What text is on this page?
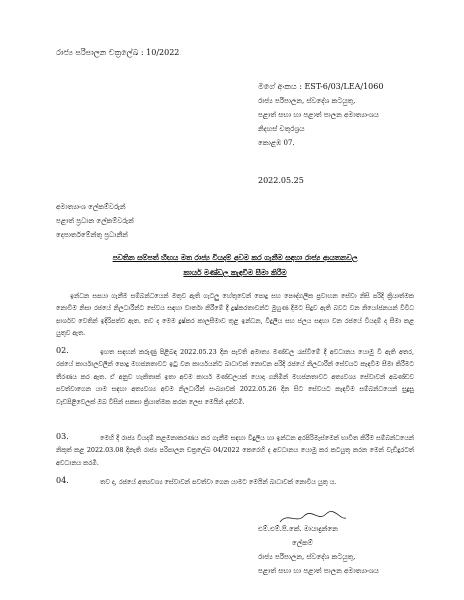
රාජ්‍ය පරිපාලන චක්‍රලේඛ : 10/2022
මගේ අංකය : EST-6/03/LEA/1060
රාජ්‍ය පරිපාලන, ස්වදේශ කටයුතු,
පළාත් සභා හා පළාත් පාලන අමාත්‍යාංශය
නිදහස් චතුරශ්‍රය
කොළඹ 07.
2022.05.25
අමාත්‍යාංශ ලේකම්වරුන්
පළාත් ප්‍රධාන ලේකම්වරුන්
දෙපාර්තමේන්තු ප්‍රධානීන්
පවතින සම්පත් හිඟය මත රාජ්‍ය වියදම් අවම කර ගැනීම සඳහා රාජ්‍ය ආයතනවල
කාර්ය මණ්ඩල කැඳවීම සීමා කිරීම
ඉන්ධන සපයා ගැනීම සම්බන්ධයෙන් මතුව ඇති ගැටලු හේතුවෙන් පොදු සහ පෞද්ගලික ප්‍රවාහන සේවා නිසි පරිදි ක්‍රියාත්මක නොවීම නිසා රජයේ නිලධාරීන්ට සේවය සඳහා වාර්තා කිරීමේ දී දුෂ්කරතාවන්ට මුහුණ දීමට සිදුව ඇති බවට වන නියෝජනයන් විවිධ පාර්ශව වෙතින් ඉදිරිපත්ව ඇත. තව ද මෙම දුෂ්කර කාලසීමාව තුළ ඉන්ධන, විදුලිය සහ ජලය සඳහා වන රජයේ වියදම් ද සීමා කළ යුතුව ඇත.
02.	ඉහත සඳහන් කරුණු පිළිබඳ 2022.05.23 දින පැවති අමාත්‍ය මණ්ඩල රැස්වීමේ දී අවධානය යොමු වී ඇති අතර, රජයේ කාර්යාලවලින් පොදු මහජනතාවට ඉටු වන කාර්යයන්ට බාධාවක් නොවන පරිදි රජයේ නිලධාරීන් සේවයට කැඳවීම සීමා කිරීමට තීරණය කර ඇත. ඒ අනුව හැකිතාක් ඉතා අවම කාර්ය මණ්ඩලයක් යොදා ගනිමින් මහජනතාවට අත්‍යවශ්‍ය සේවාවන් අඛණ්ඩව පවත්වාගෙන යාම සඳහා අත්‍යවශ්‍ය අවම නිලධාරීන් සංඛ්‍යාවක් 2022.05.26 දින සිට සේවයට කැඳවීම සම්බන්ධයෙන් සුදුසු වැඩපිළිවෙලක් ඔබ විසින් සකසා ක්‍රියාත්මක කරන ලෙස මෙයින් දන්වමි.
03.	මෙහි දී රාජ්‍ය වියදම් කළමනාකරණය කර ගැනීම සඳහා විදුලිය හා ඉන්ධන අරපිරිමැස්මෙන් භාවිත කිරීම සම්බන්ධයෙන් නිකුත් කළ 2022.03.08 දිනැති රාජ්‍ය පරිපාලන චක්‍රලේඛ 04/2022 කෙරෙහි ද අවධානය යොමු කර කටයුතු කරන මෙන් වැඩිදුරටත් අවධානය කරමි.
04.	තව ද, රජයේ අත්‍යවශ්‍ය සේවාවන් පවත්වා ගෙන යාමට මෙයින් බාධාවක් නොවිය යුතු ය.
එම්.එම්.පී.කේ. මායාදුන්නෙ
ලේකම්
රාජ්‍ය පරිපාලන, ස්වදේශ කටයුතු,
පළාත් සභා හා පළාත් පාලන අමාත්‍යාංශය
